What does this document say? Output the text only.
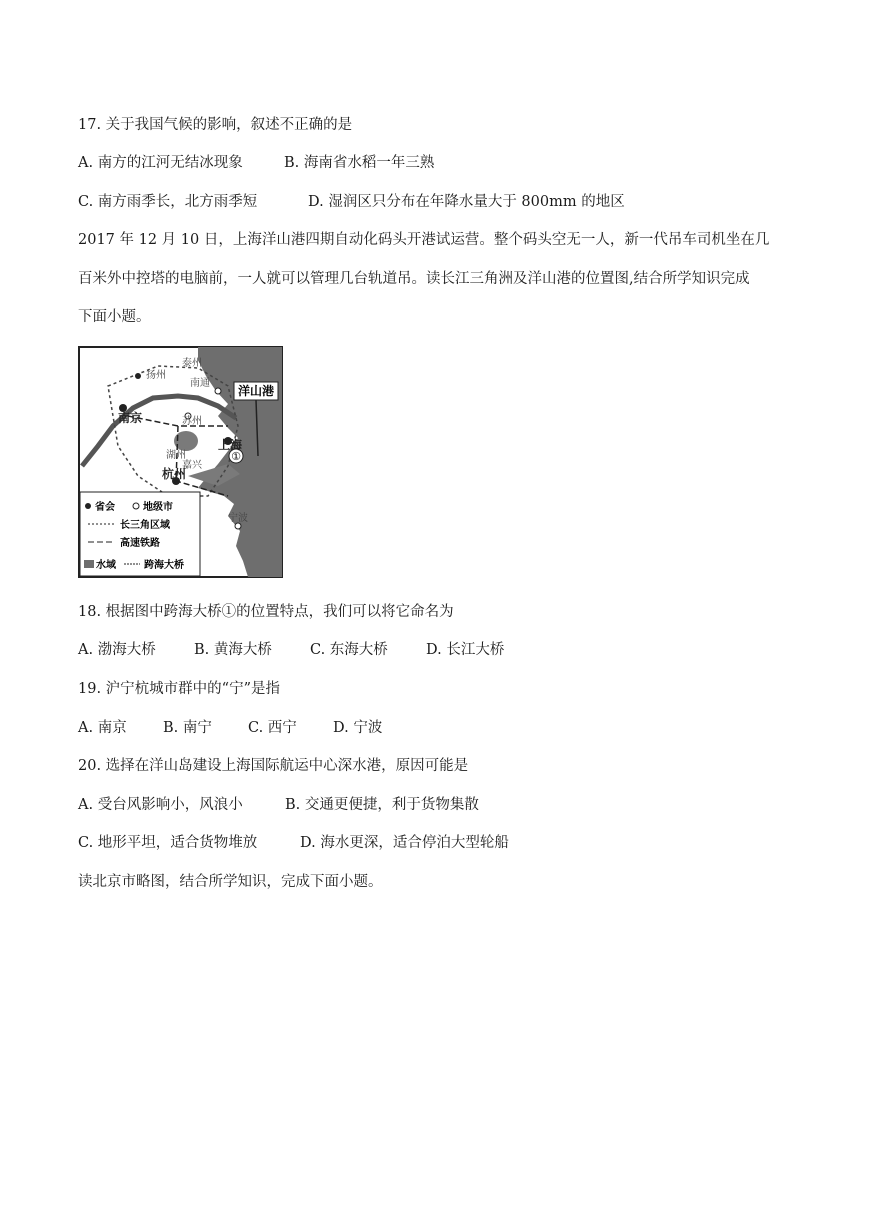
17. 关于我国气候的影响，叙述不正确的是
A. 南方的江河无结冰现象	B. 海南省水稻一年三熟
C. 南方雨季长，北方雨季短	D. 湿润区只分布在年降水量大于 800mm 的地区
2017 年 12 月 10 日，上海洋山港四期自动化码头开港试运营。整个码头空无一人，新一代吊车司机坐在几
百米外中控塔的电脑前，一人就可以管理几台轨道吊。读长江三角洲及洋山港的位置图,结合所学知识完成
下面小题。
洋山港
①
泰州
扬州
南通
南京	苏州
上海
湖州
嘉兴
杭州
宁波
省会	地级市
长三角区域
高速铁路
水域	跨海大桥
18. 根据图中跨海大桥①的位置特点，我们可以将它命名为
A. 渤海大桥	B. 黄海大桥	C. 东海大桥	D. 长江大桥
19. 沪宁杭城市群中的“宁”是指
A. 南京	B. 南宁 C. 西宁 D. 宁波
20. 选择在洋山岛建设上海国际航运中心深水港，原因可能是
A. 受台风影响小，风浪小	B. 交通更便捷，利于货物集散
C. 地形平坦，适合货物堆放	D. 海水更深，适合停泊大型轮船
读北京市略图，结合所学知识，完成下面小题。
